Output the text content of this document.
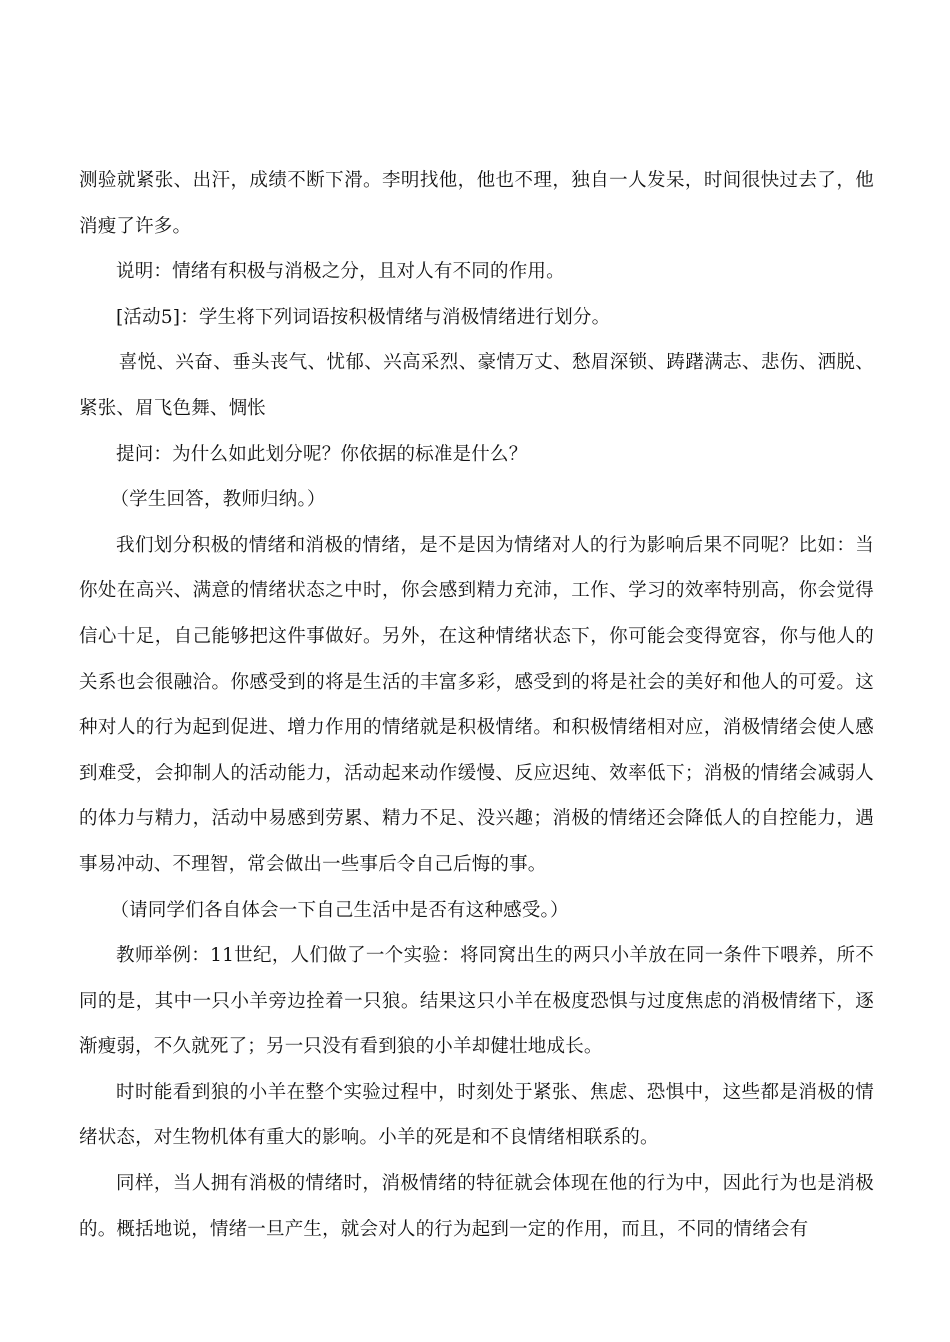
测验就紧张、出汗，成绩不断下滑。李明找他，他也不理，独自一人发呆，时间很快过去了，他消瘦了许多。

说明：情绪有积极与消极之分，且对人有不同的作用。

[活动5]：学生将下列词语按积极情绪与消极情绪进行划分。

喜悦、兴奋、垂头丧气、忧郁、兴高采烈、豪情万丈、愁眉深锁、踌躇满志、悲伤、洒脱、紧张、眉飞色舞、惆怅

提问：为什么如此划分呢？你依据的标准是什么？

（学生回答，教师归纳。）

我们划分积极的情绪和消极的情绪，是不是因为情绪对人的行为影响后果不同呢？比如：当你处在高兴、满意的情绪状态之中时，你会感到精力充沛，工作、学习的效率特别高，你会觉得信心十足，自己能够把这件事做好。另外，在这种情绪状态下，你可能会变得宽容，你与他人的关系也会很融洽。你感受到的将是生活的丰富多彩，感受到的将是社会的美好和他人的可爱。这种对人的行为起到促进、增力作用的情绪就是积极情绪。和积极情绪相对应，消极情绪会使人感到难受，会抑制人的活动能力，活动起来动作缓慢、反应迟纯、效率低下；消极的情绪会减弱人的体力与精力，活动中易感到劳累、精力不足、没兴趣；消极的情绪还会降低人的自控能力，遇事易冲动、不理智，常会做出一些事后令自己后悔的事。

（请同学们各自体会一下自己生活中是否有这种感受。）

教师举例：11世纪，人们做了一个实验：将同窝出生的两只小羊放在同一条件下喂养，所不同的是，其中一只小羊旁边拴着一只狼。结果这只小羊在极度恐惧与过度焦虑的消极情绪下，逐渐瘦弱，不久就死了；另一只没有看到狼的小羊却健壮地成长。

时时能看到狼的小羊在整个实验过程中，时刻处于紧张、焦虑、恐惧中，这些都是消极的情绪状态，对生物机体有重大的影响。小羊的死是和不良情绪相联系的。

同样，当人拥有消极的情绪时，消极情绪的特征就会体现在他的行为中，因此行为也是消极的。概括地说，情绪一旦产生，就会对人的行为起到一定的作用，而且，不同的情绪会有
